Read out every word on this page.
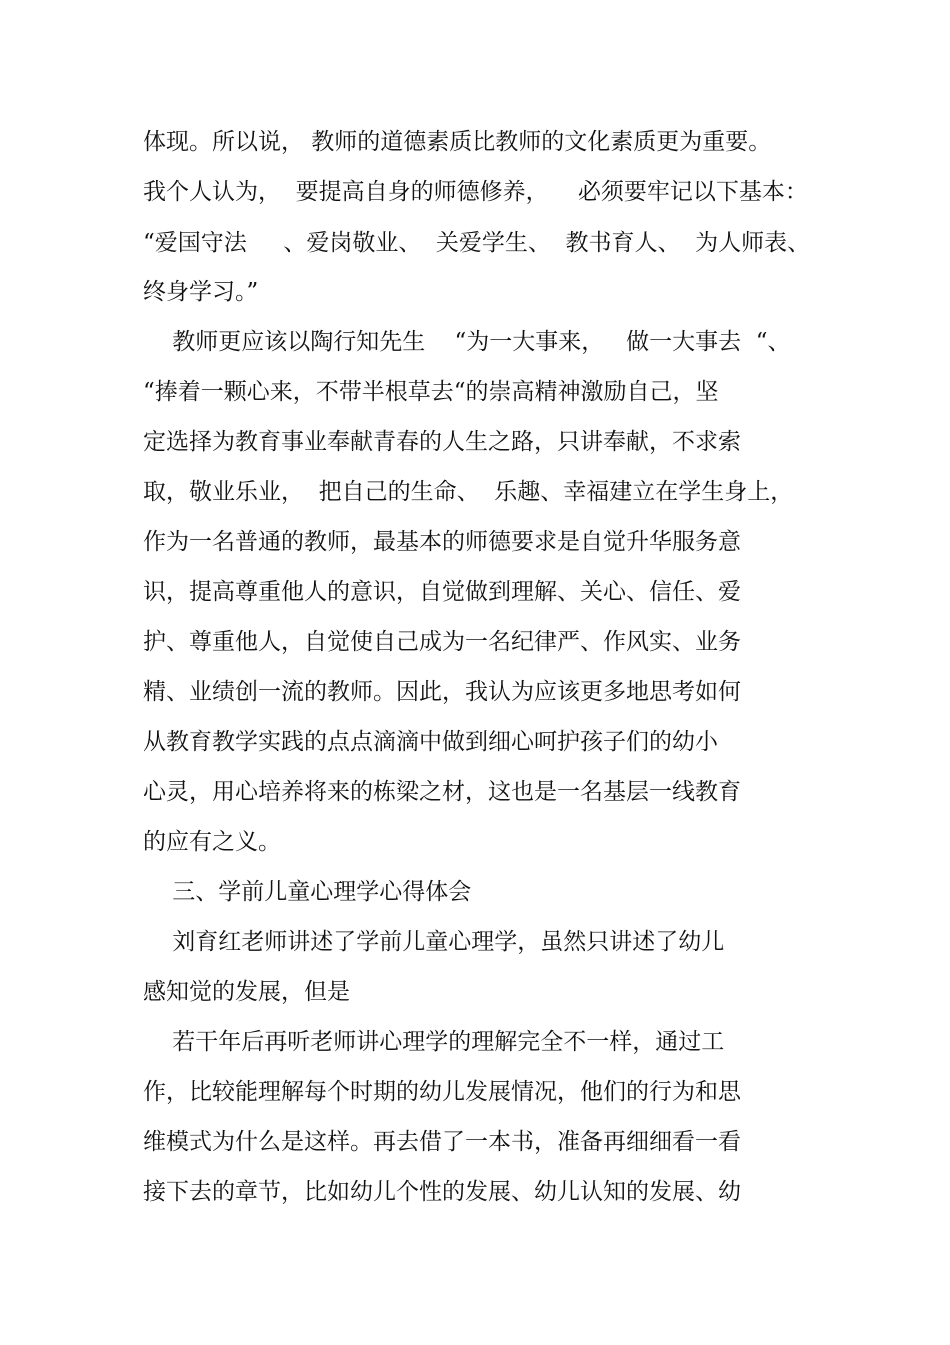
体现。所以说， 教师的道德素质比教师的文化素质更为重要。
我个人认为，  要提高自身的师德修养，    必须要牢记以下基本：
“爱国守法     、爱岗敬业、  关爱学生、  教书育人、  为人师表、
终身学习。”
教师更应该以陶行知先生    “为一大事来，   做一大事去  “、
“捧着一颗心来，不带半根草去“的崇高精神激励自己，坚
定选择为教育事业奉献青春的人生之路，只讲奉献，不求索
取，敬业乐业，  把自己的生命、  乐趣、幸福建立在学生身上，
作为一名普通的教师，最基本的师德要求是自觉升华服务意
识，提高尊重他人的意识，自觉做到理解、关心、信任、爱
护、尊重他人，自觉使自己成为一名纪律严、作风实、业务
精、业绩创一流的教师。因此，我认为应该更多地思考如何
从教育教学实践的点点滴滴中做到细心呵护孩子们的幼小
心灵，用心培养将来的栋梁之材，这也是一名基层一线教育
的应有之义。
三、学前儿童心理学心得体会
刘育红老师讲述了学前儿童心理学，虽然只讲述了幼儿
感知觉的发展，但是
若干年后再听老师讲心理学的理解完全不一样，通过工
作，比较能理解每个时期的幼儿发展情况，他们的行为和思
维模式为什么是这样。再去借了一本书，准备再细细看一看
接下去的章节，比如幼儿个性的发展、幼儿认知的发展、幼
